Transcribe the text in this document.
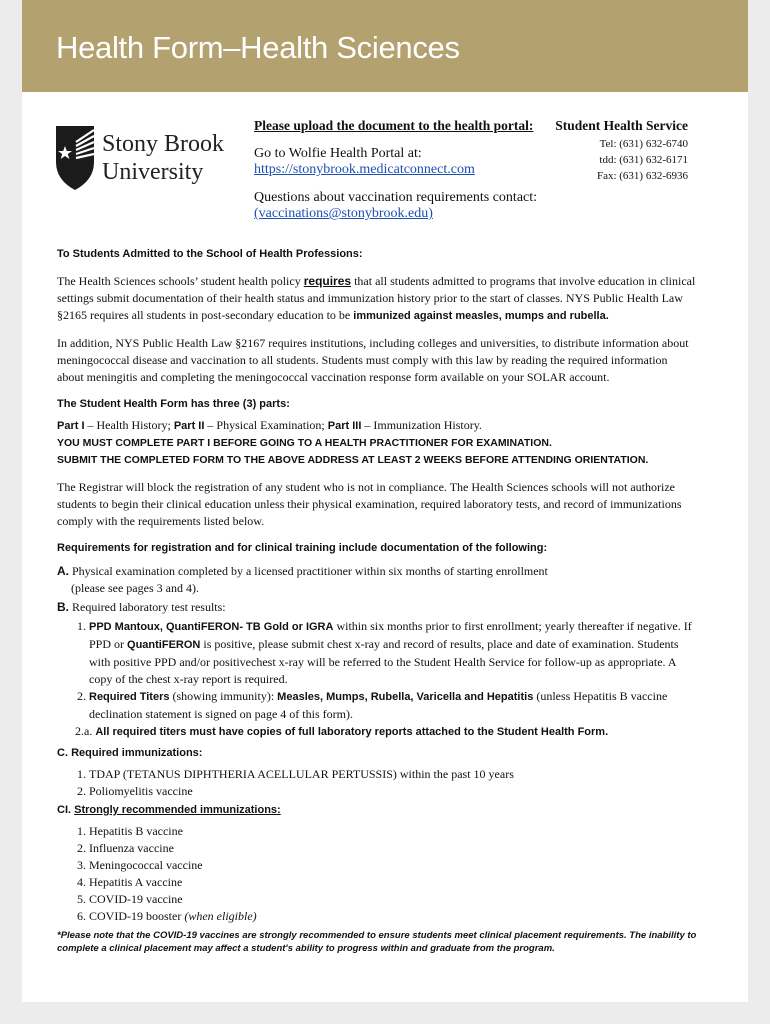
Health Form–Health Sciences
Stony Brook
University
Please upload the document to the health portal:
Go to Wolfie Health Portal at:
https://stonybrook.medicatconnect.com
Questions about vaccination requirements contact:
(vaccinations@stonybrook.edu)
Student Health Service
Tel: (631) 632-6740
tdd: (631) 632-6171
Fax: (631) 632-6936
To Students Admitted to the School of Health Professions:

The Health Sciences schools’ student health policy requires that all students admitted to programs that involve education in clinical settings submit documentation of their health status and immunization history prior to the start of classes. NYS Public Health Law §2165 requires all students in post-secondary education to be immunized against measles, mumps and rubella.

In addition, NYS Public Health Law §2167 requires institutions, including colleges and universities, to distribute information about meningococcal disease and vaccination to all students. Students must comply with this law by reading the required information about meningitis and completing the meningococcal vaccination response form available on your SOLAR account.

The Student Health Form has three (3) parts:
Part I – Health History; Part II – Physical Examination; Part III – Immunization History.
YOU MUST COMPLETE PART I BEFORE GOING TO A HEALTH PRACTITIONER FOR EXAMINATION.
SUBMIT THE COMPLETED FORM TO THE ABOVE ADDRESS AT LEAST 2 WEEKS BEFORE ATTENDING ORIENTATION.

The Registrar will block the registration of any student who is not in compliance. The Health Sciences schools will not authorize students to begin their clinical education unless their physical examination, required laboratory tests, and record of immunizations comply with the requirements listed below.

Requirements for registration and for clinical training include documentation of the following:
A. Physical examination completed by a licensed practitioner within six months of starting enrollment
(please see pages 3 and 4).
B. Required laboratory test results:
1. PPD Mantoux, QuantiFERON- TB Gold or IGRA within six months prior to first enrollment; yearly thereafter if negative. If PPD or QuantiFERON is positive, please submit chest x-ray and record of results, place and date of examination. Students with positive PPD and/or positivechest x-ray will be referred to the Student Health Service for follow-up as appropriate. A copy of the chest x-ray report is required.
2. Required Titers (showing immunity): Measles, Mumps, Rubella, Varicella and Hepatitis (unless Hepatitis B vaccine declination statement is signed on page 4 of this form).
2.a. All required titers must have copies of full laboratory reports attached to the Student Health Form.
C. Required immunizations:
1. TDAP (TETANUS DIPHTHERIA ACELLULAR PERTUSSIS) within the past 10 years
2. Poliomyelitis vaccine
CI. Strongly recommended immunizations:
1. Hepatitis B vaccine
2. Influenza vaccine
3. Meningococcal vaccine
4. Hepatitis A vaccine
5. COVID-19 vaccine
6. COVID-19 booster (when eligible)
*Please note that the COVID-19 vaccines are strongly recommended to ensure students meet clinical placement requirements. The inability to complete a clinical placement may affect a student's ability to progress within and graduate from the program.
